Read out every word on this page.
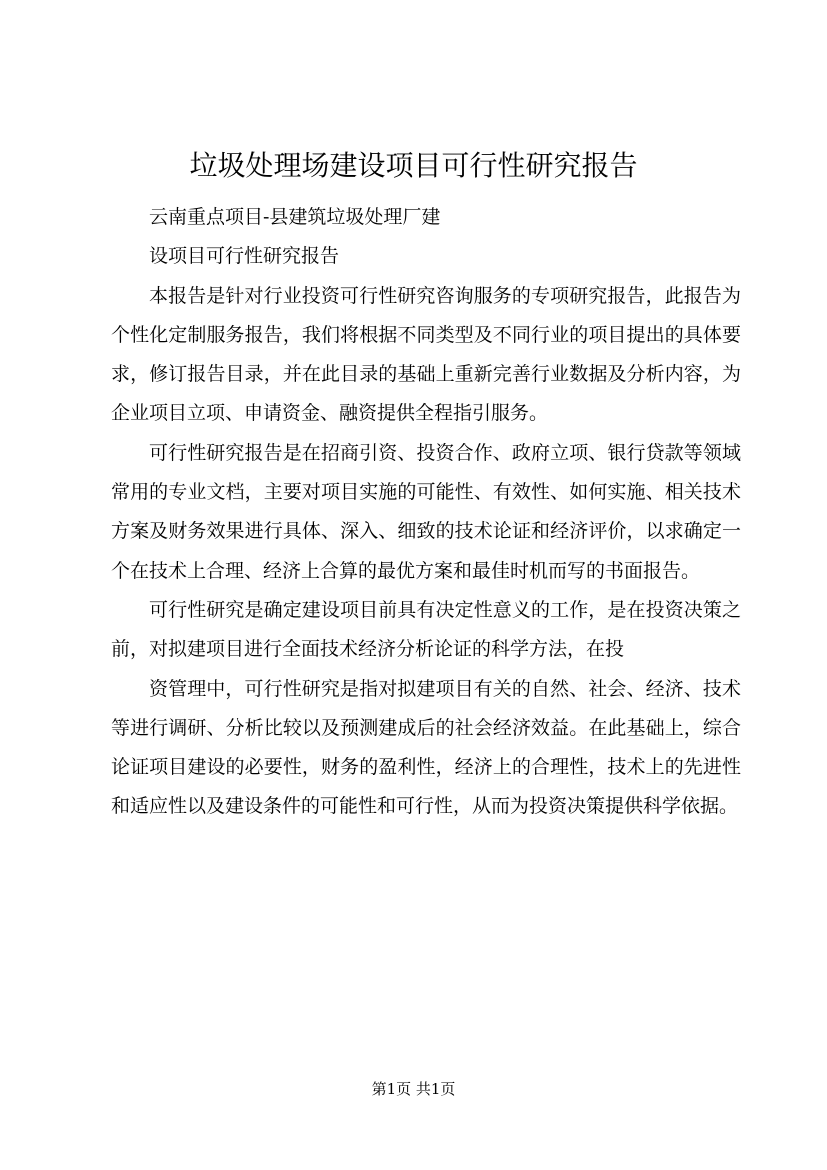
垃圾处理场建设项目可行性研究报告

云南重点项目-县建筑垃圾处理厂建

设项目可行性研究报告

本报告是针对行业投资可行性研究咨询服务的专项研究报告，此报告为个性化定制服务报告，我们将根据不同类型及不同行业的项目提出的具体要求，修订报告目录，并在此目录的基础上重新完善行业数据及分析内容，为企业项目立项、申请资金、融资提供全程指引服务。

可行性研究报告是在招商引资、投资合作、政府立项、银行贷款等领域常用的专业文档，主要对项目实施的可能性、有效性、如何实施、相关技术方案及财务效果进行具体、深入、细致的技术论证和经济评价，以求确定一个在技术上合理、经济上合算的最优方案和最佳时机而写的书面报告。

可行性研究是确定建设项目前具有决定性意义的工作，是在投资决策之前，对拟建项目进行全面技术经济分析论证的科学方法，在投

资管理中，可行性研究是指对拟建项目有关的自然、社会、经济、技术等进行调研、分析比较以及预测建成后的社会经济效益。在此基础上，综合论证项目建设的必要性，财务的盈利性，经济上的合理性，技术上的先进性和适应性以及建设条件的可能性和可行性，从而为投资决策提供科学依据。

第1页 共1页
